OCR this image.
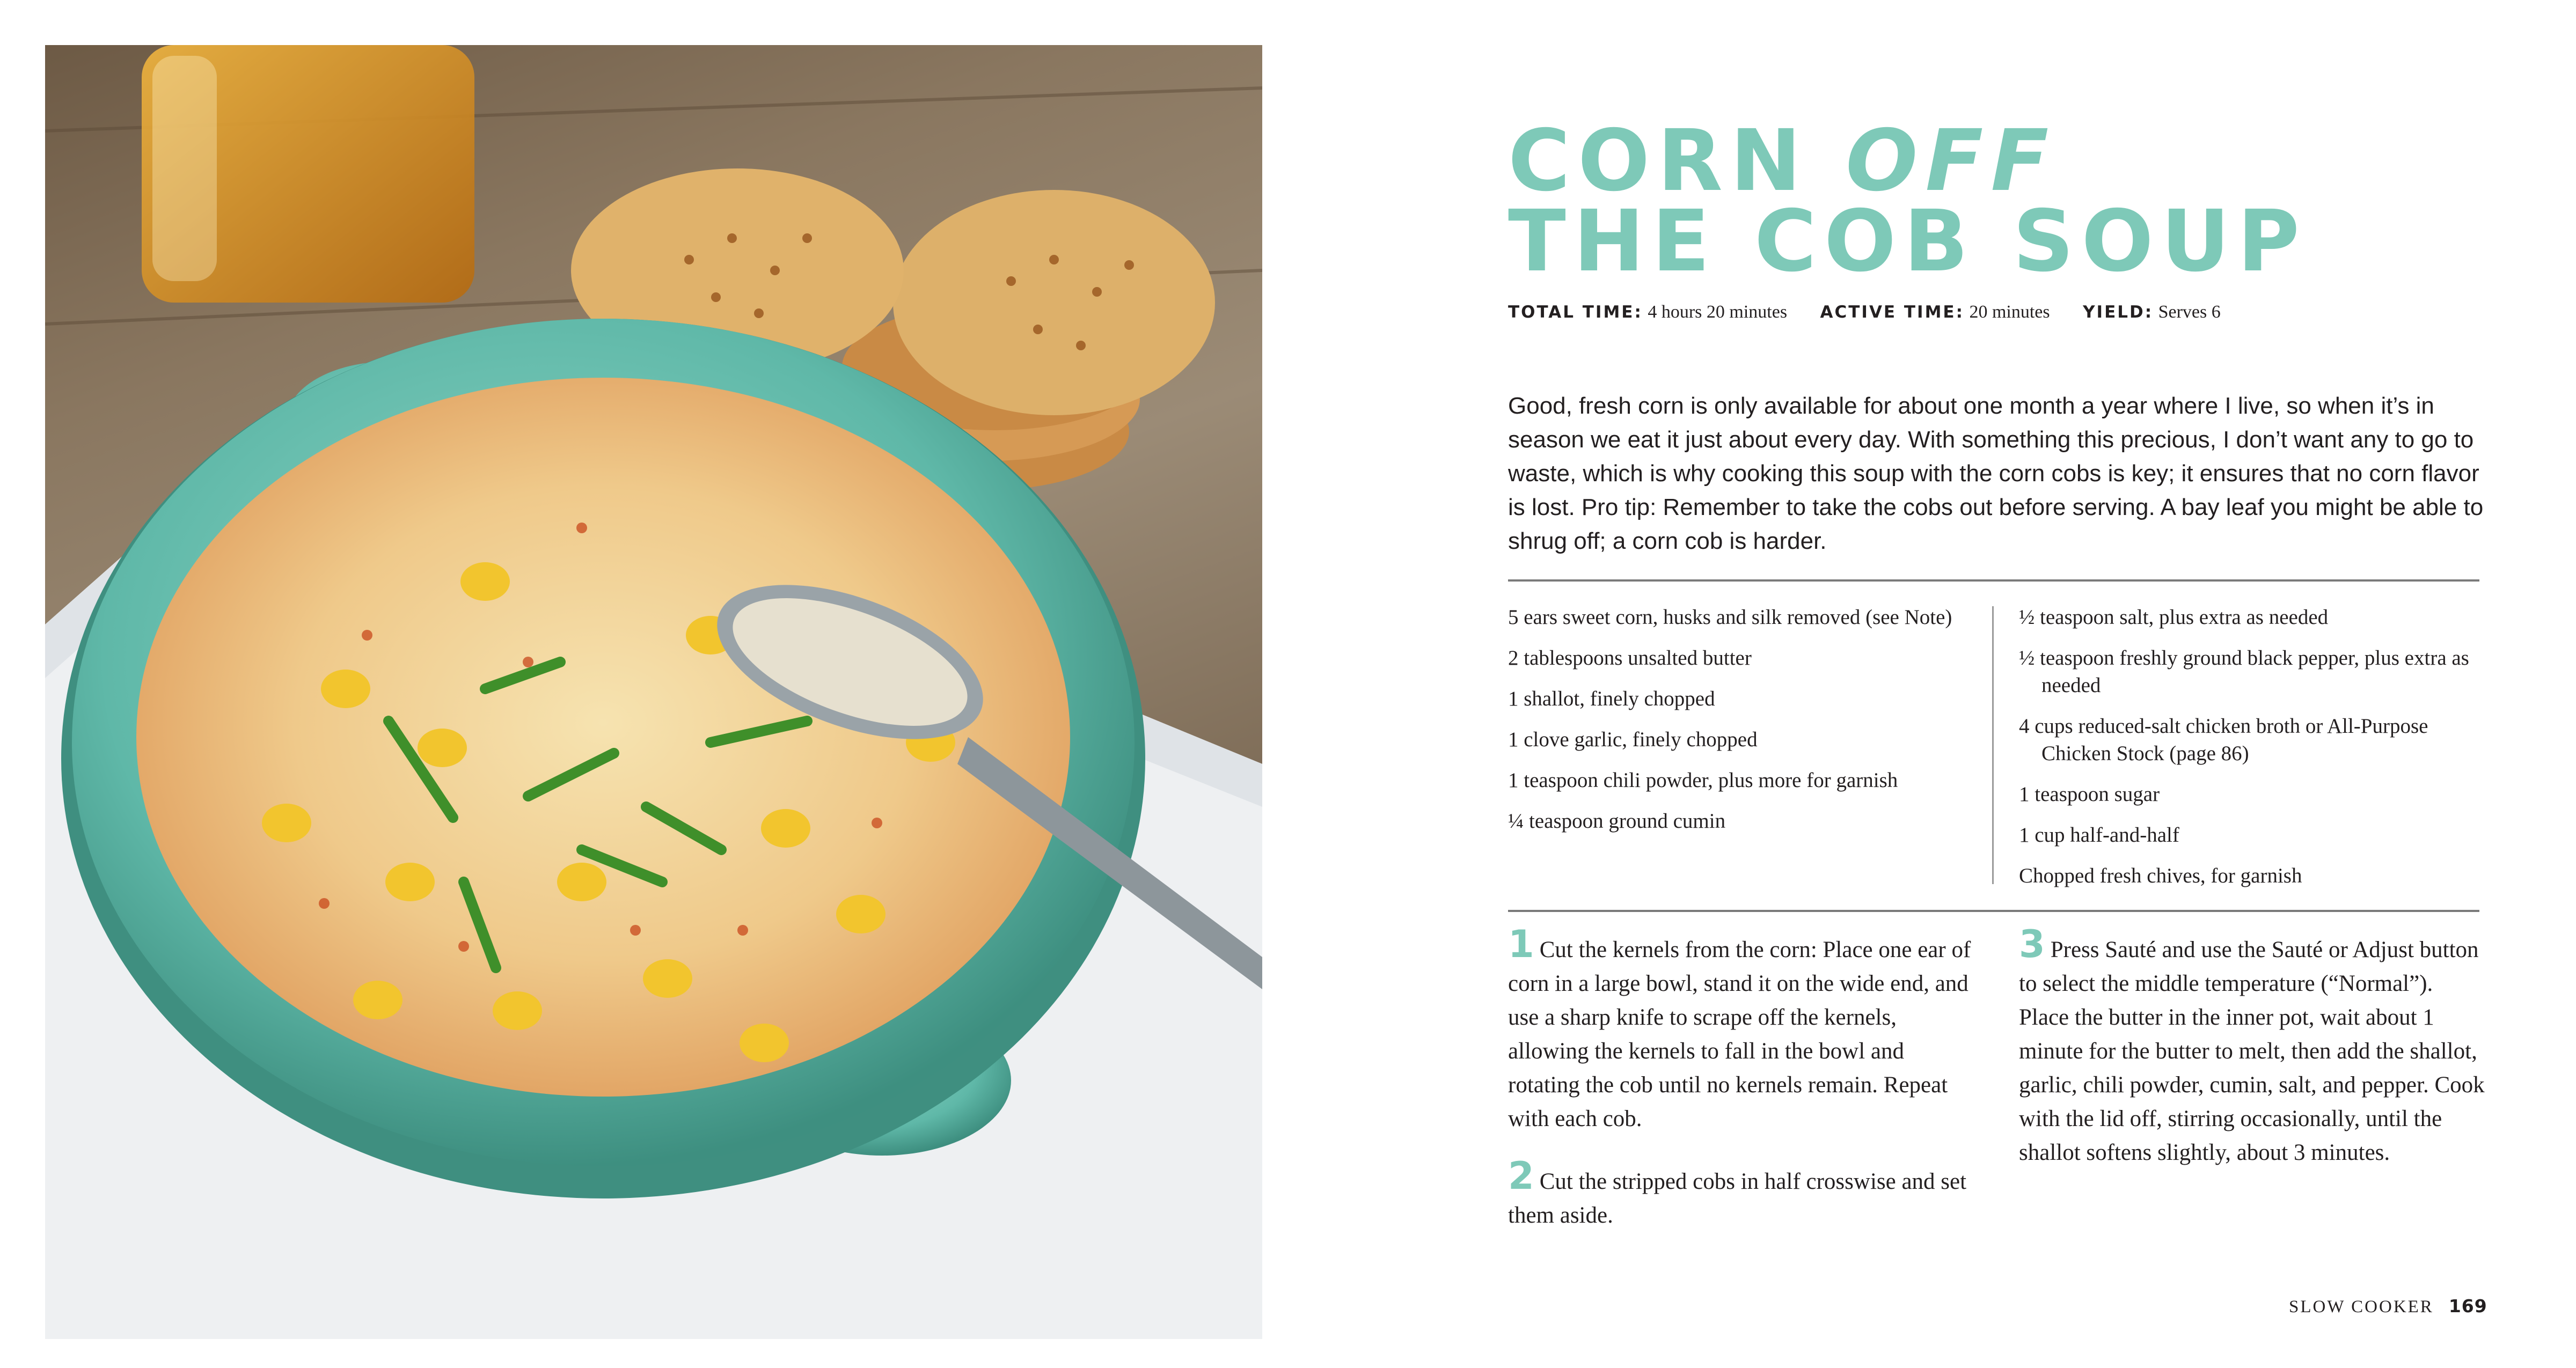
CORN OFF
THE COB SOUP
TOTAL TIME: 4 hours 20 minutes ACTIVE TIME: 20 minutes YIELD: Serves 6

Good, fresh corn is only available for about one month a year where I live, so when it’s in season we eat it just about every day. With something this precious, I don’t want any to go to waste, which is why cooking this soup with the corn cobs is key; it ensures that no corn flavor is lost. Pro tip: Remember to take the cobs out before serving. A bay leaf you might be able to shrug off; a corn cob is harder.

5 ears sweet corn, husks and silk removed (see Note)
2 tablespoons unsalted butter
1 shallot, finely chopped
1 clove garlic, finely chopped
1 teaspoon chili powder, plus more for garnish
¼ teaspoon ground cumin
½ teaspoon salt, plus extra as needed
½ teaspoon freshly ground black pepper, plus extra as needed
4 cups reduced-salt chicken broth or All-Purpose Chicken Stock (page 86)
1 teaspoon sugar
1 cup half-and-half
Chopped fresh chives, for garnish

1 Cut the kernels from the corn: Place one ear of corn in a large bowl, stand it on the wide end, and use a sharp knife to scrape off the kernels, allowing the kernels to fall in the bowl and rotating the cob until no kernels remain. Repeat with each cob.

2 Cut the stripped cobs in half crosswise and set them aside.

3 Press Sauté and use the Sauté or Adjust button to select the middle temperature (“Normal”). Place the butter in the inner pot, wait about 1 minute for the butter to melt, then add the shallot, garlic, chili powder, cumin, salt, and pepper. Cook with the lid off, stirring occasionally, until the shallot softens slightly, about 3 minutes.

SLOW COOKER 169
